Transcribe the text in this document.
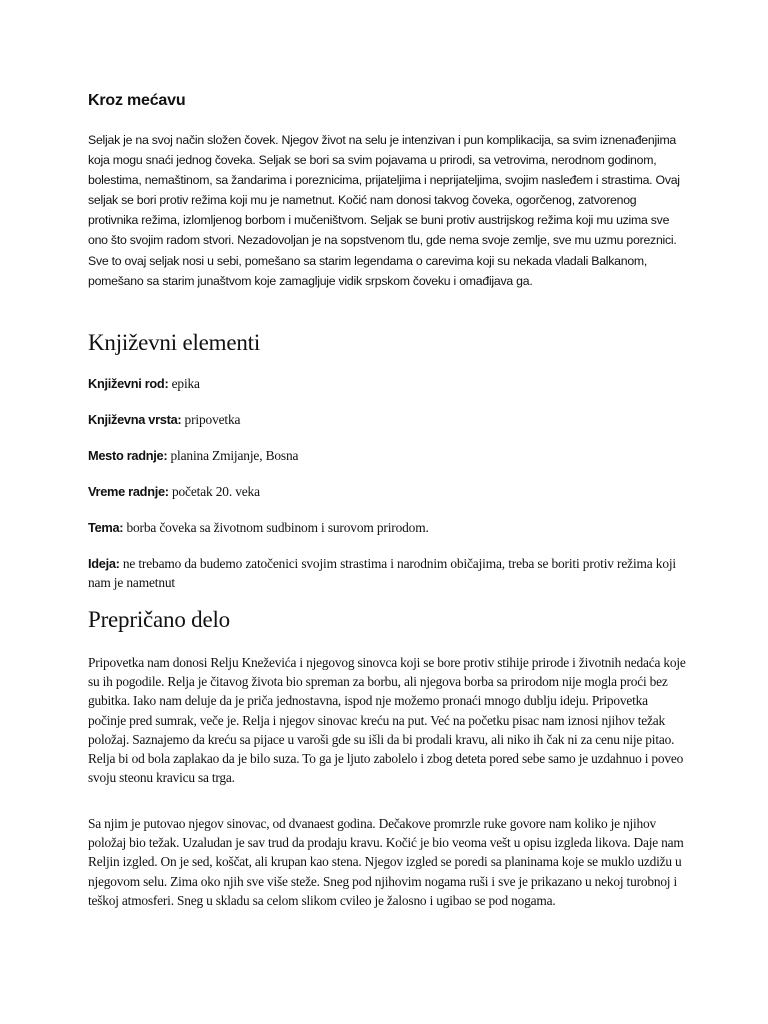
Kroz mećavu

Seljak je na svoj način složen čovek. Njegov život na selu je intenzivan i pun komplikacija, sa svim iznenađenjima koja mogu snaći jednog čoveka. Seljak se bori sa svim pojavama u prirodi, sa vetrovima, nerodnom godinom, bolestima, nemaštinom, sa žandarima i poreznicima, prijateljima i neprijateljima, svojim nasleđem i strastima. Ovaj seljak se bori protiv režima koji mu je nametnut. Kočić nam donosi takvog čoveka, ogorčenog, zatvorenog protivnika režima, izlomljenog borbom i mučeništvom. Seljak se buni protiv austrijskog režima koji mu uzima sve ono što svojim radom stvori. Nezadovoljan je na sopstvenom tlu, gde nema svoje zemlje, sve mu uzmu poreznici. Sve to ovaj seljak nosi u sebi, pomešano sa starim legendama o carevima koji su nekada vladali Balkanom, pomešano sa starim junaštvom koje zamagljuje vidik srpskom čoveku i omađijava ga.

Književni elementi

Književni rod: epika

Književna vrsta: pripovetka

Mesto radnje: planina Zmijanje, Bosna

Vreme radnje: početak 20. veka

Tema: borba čoveka sa životnom sudbinom i surovom prirodom.

Ideja: ne trebamo da budemo zatočenici svojim strastima i narodnim običajima, treba se boriti protiv režima koji nam je nametnut

Prepričano delo

Pripovetka nam donosi Relju Kneževića i njegovog sinovca koji se bore protiv stihije prirode i životnih nedaća koje su ih pogodile. Relja je čitavog života bio spreman za borbu, ali njegova borba sa prirodom nije mogla proći bez gubitka. Iako nam deluje da je priča jednostavna, ispod nje možemo pronaći mnogo dublju ideju. Pripovetka počinje pred sumrak, veče je. Relja i njegov sinovac kreću na put. Već na početku pisac nam iznosi njihov težak položaj. Saznajemo da kreću sa pijace u varoši gde su išli da bi prodali kravu, ali niko ih čak ni za cenu nije pitao. Relja bi od bola zaplakao da je bilo suza. To ga je ljuto zabolelo i zbog deteta pored sebe samo je uzdahnuo i poveo svoju steonu kravicu sa trga.

Sa njim je putovao njegov sinovac, od dvanaest godina. Dečakove promrzle ruke govore nam koliko je njihov položaj bio težak. Uzaludan je sav trud da prodaju kravu. Kočić je bio veoma vešt u opisu izgleda likova. Daje nam Reljin izgled. On je sed, koščat, ali krupan kao stena. Njegov izgled se poredi sa planinama koje se muklo uzdižu u njegovom selu. Zima oko njih sve više steže. Sneg pod njihovim nogama ruši i sve je prikazano u nekoj turobnoj i teškoj atmosferi. Sneg u skladu sa celom slikom cvileo je žalosno i ugibao se pod nogama.
